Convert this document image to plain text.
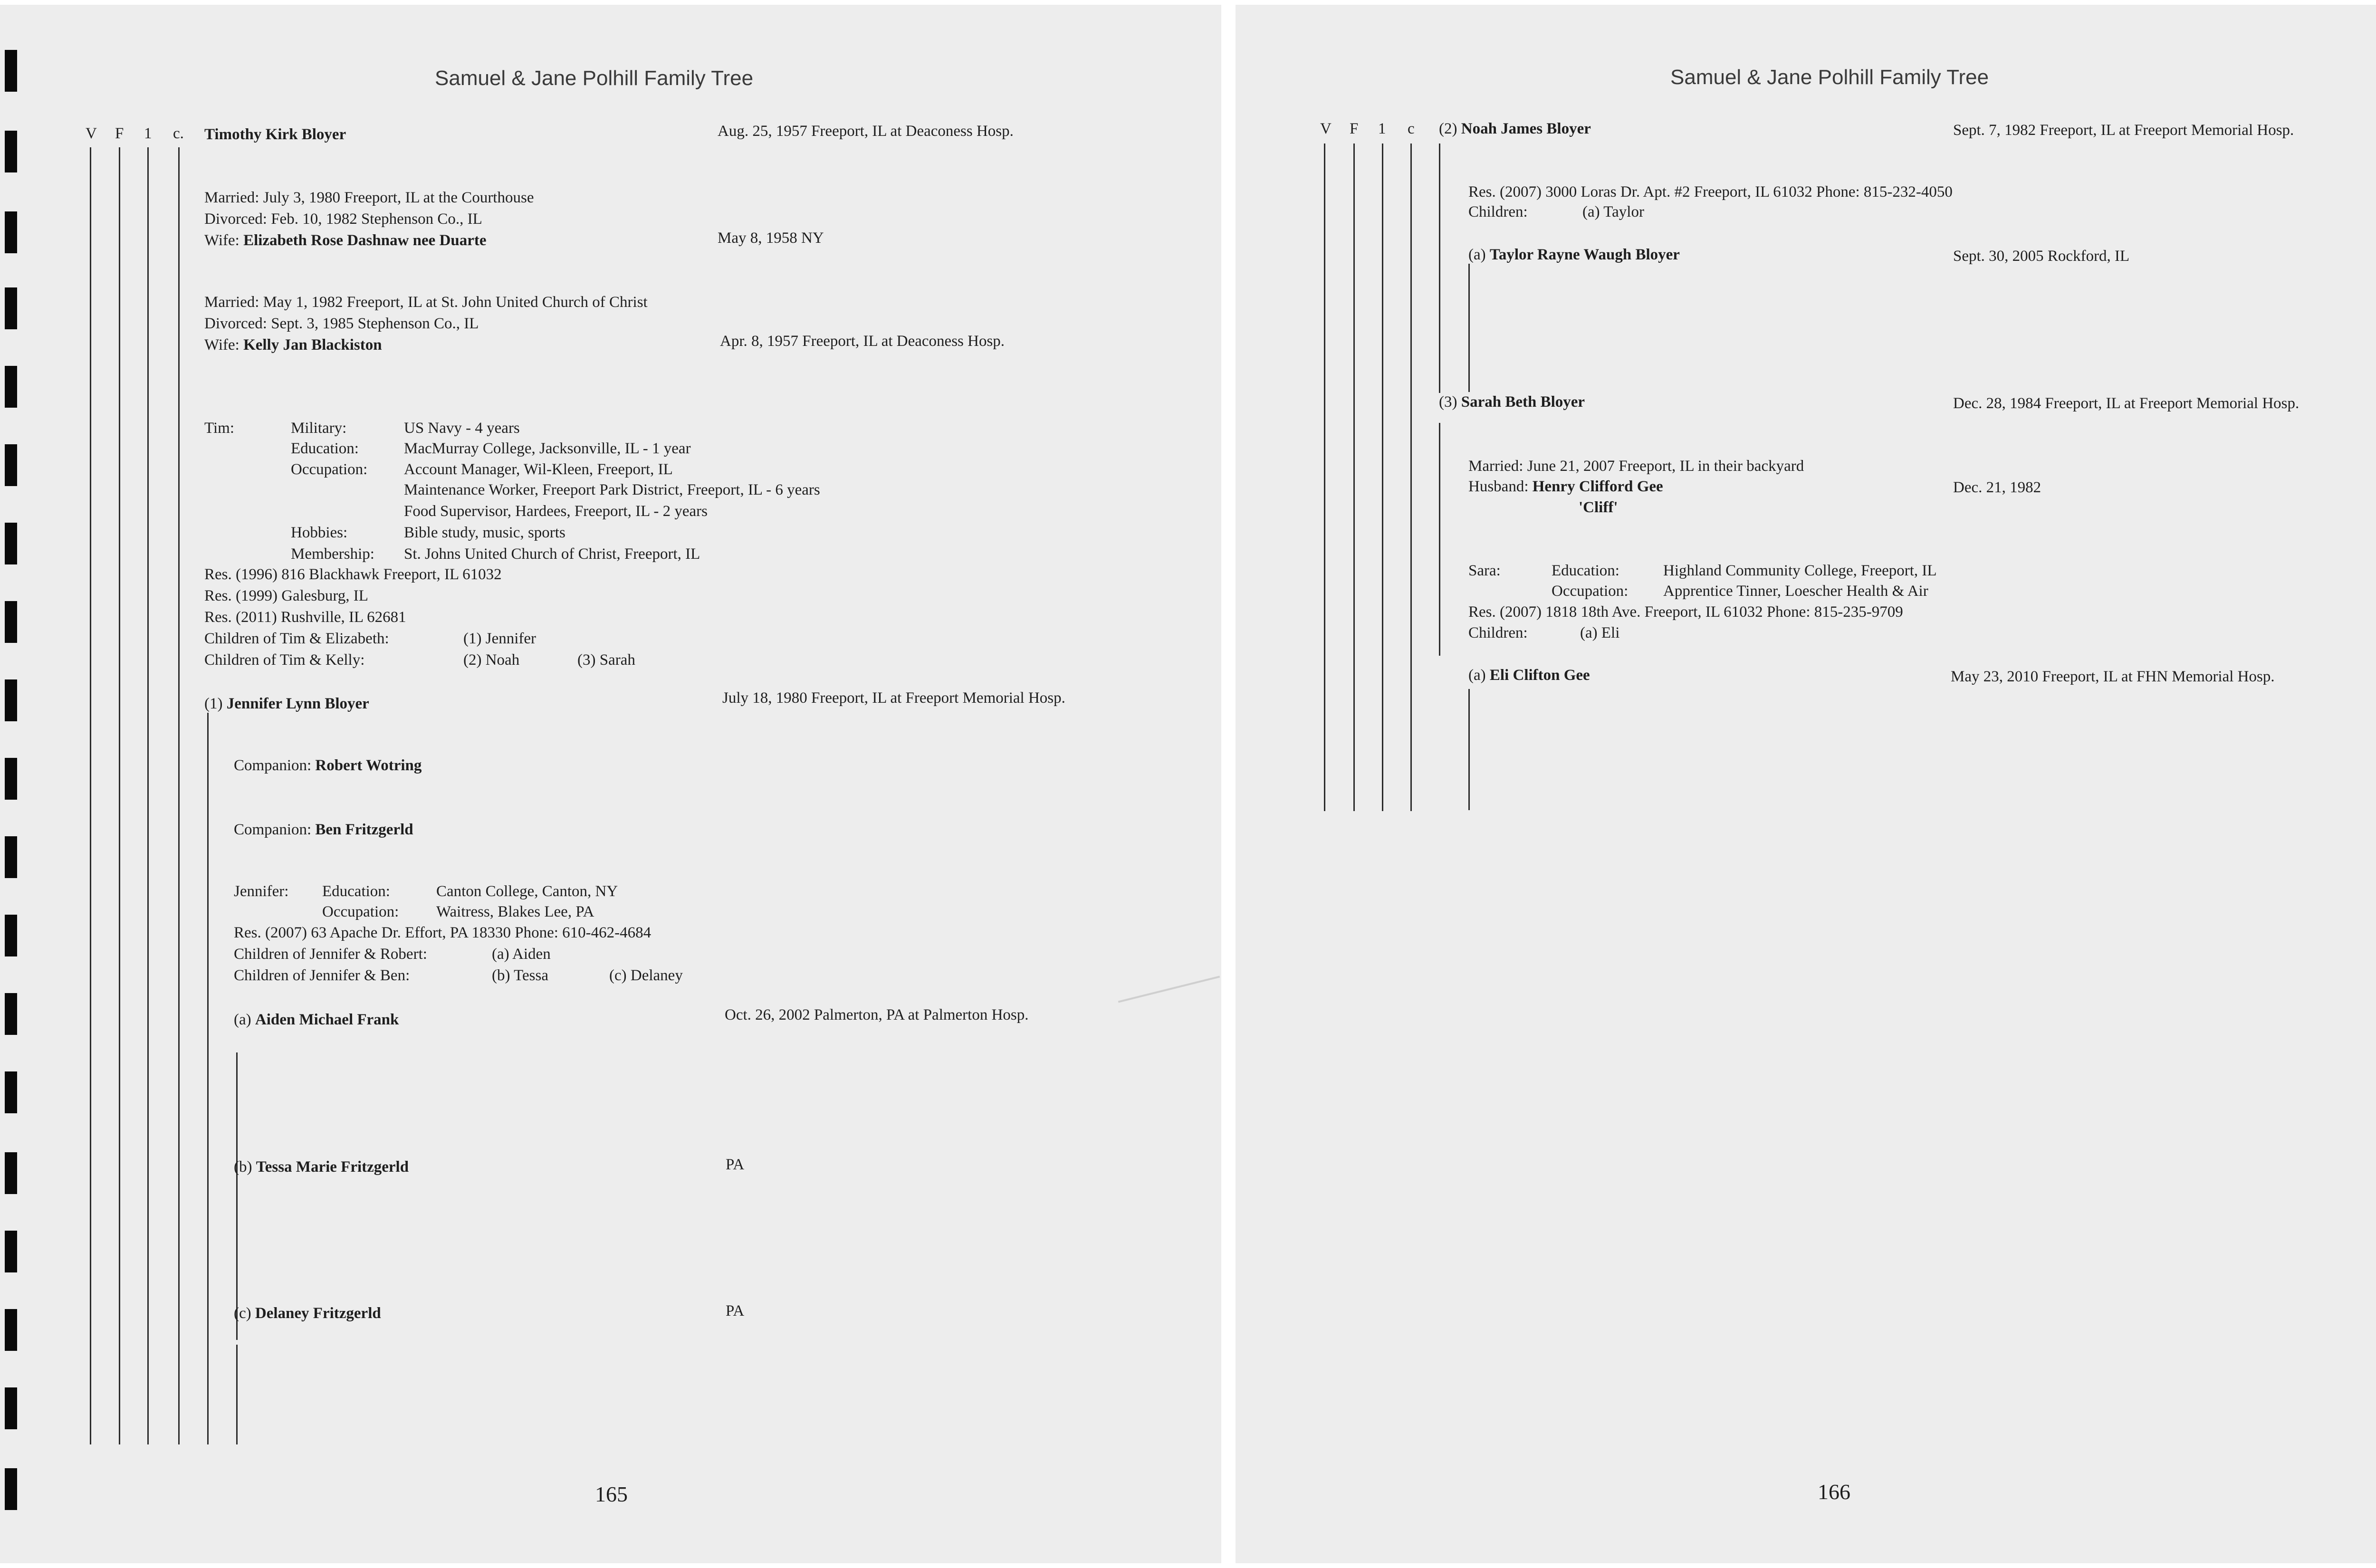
Samuel & Jane Polhill Family Tree
V F 1 c. Timothy Kirk Bloyer	Aug. 25, 1957 Freeport, IL at Deaconess Hosp.
Married: July 3, 1980 Freeport, IL at the Courthouse
Divorced: Feb. 10, 1982 Stephenson Co., IL
Wife: Elizabeth Rose Dashnaw nee Duarte	May 8, 1958 NY
Married: May 1, 1982 Freeport, IL at St. John United Church of Christ
Divorced: Sept. 3, 1985 Stephenson Co., IL
Wife: Kelly Jan Blackiston	Apr. 8, 1957 Freeport, IL at Deaconess Hosp.
Tim:	Military:	US Navy - 4 years
Education:	MacMurray College, Jacksonville, IL - 1 year
Occupation: Account Manager, Wil-Kleen, Freeport, IL
Maintenance Worker, Freeport Park District, Freeport, IL - 6 years
Food Supervisor, Hardees, Freeport, IL - 2 years
Hobbies:	Bible study, music, sports
Membership: St. Johns United Church of Christ, Freeport, IL
Res. (1996) 816 Blackhawk Freeport, IL 61032
Res. (1999) Galesburg, IL
Res. (2011) Rushville, IL 62681
Children of Tim & Elizabeth:	(1) Jennifer
Children of Tim & Kelly:	(2) Noah	(3) Sarah
(1) Jennifer Lynn Bloyer	July 18, 1980 Freeport, IL at Freeport Memorial Hosp.
Companion: Robert Wotring
Companion: Ben Fritzgerld
Jennifer: Education:	Canton College, Canton, NY
Occupation: Waitress, Blakes Lee, PA
Res. (2007) 63 Apache Dr. Effort, PA 18330 Phone: 610-462-4684
Children of Jennifer & Robert:	(a) Aiden
Children of Jennifer & Ben:	(b) Tessa	(c) Delaney
(a) Aiden Michael Frank	Oct. 26, 2002 Palmerton, PA at Palmerton Hosp.
(b) Tessa Marie Fritzgerld	PA
(c) Delaney Fritzgerld	PA
165
Samuel & Jane Polhill Family Tree
V F 1 c (2) Noah James Bloyer	Sept. 7, 1982 Freeport, IL at Freeport Memorial Hosp.
Res. (2007) 3000 Loras Dr. Apt. #2 Freeport, IL 61032 Phone: 815-232-4050
Children:	(a) Taylor
(a) Taylor Rayne Waugh Bloyer	Sept. 30, 2005 Rockford, IL
(3) Sarah Beth Bloyer	Dec. 28, 1984 Freeport, IL at Freeport Memorial Hosp.
Married: June 21, 2007 Freeport, IL in their backyard
Husband: Henry Clifford Gee	Dec. 21, 1982
'Cliff'
Sara:	Education:	Highland Community College, Freeport, IL
Occupation: Apprentice Tinner, Loescher Health & Air
Res. (2007) 1818 18th Ave. Freeport, IL 61032 Phone: 815-235-9709
Children:	(a) Eli
(a) Eli Clifton Gee	May 23, 2010 Freeport, IL at FHN Memorial Hosp.
166
